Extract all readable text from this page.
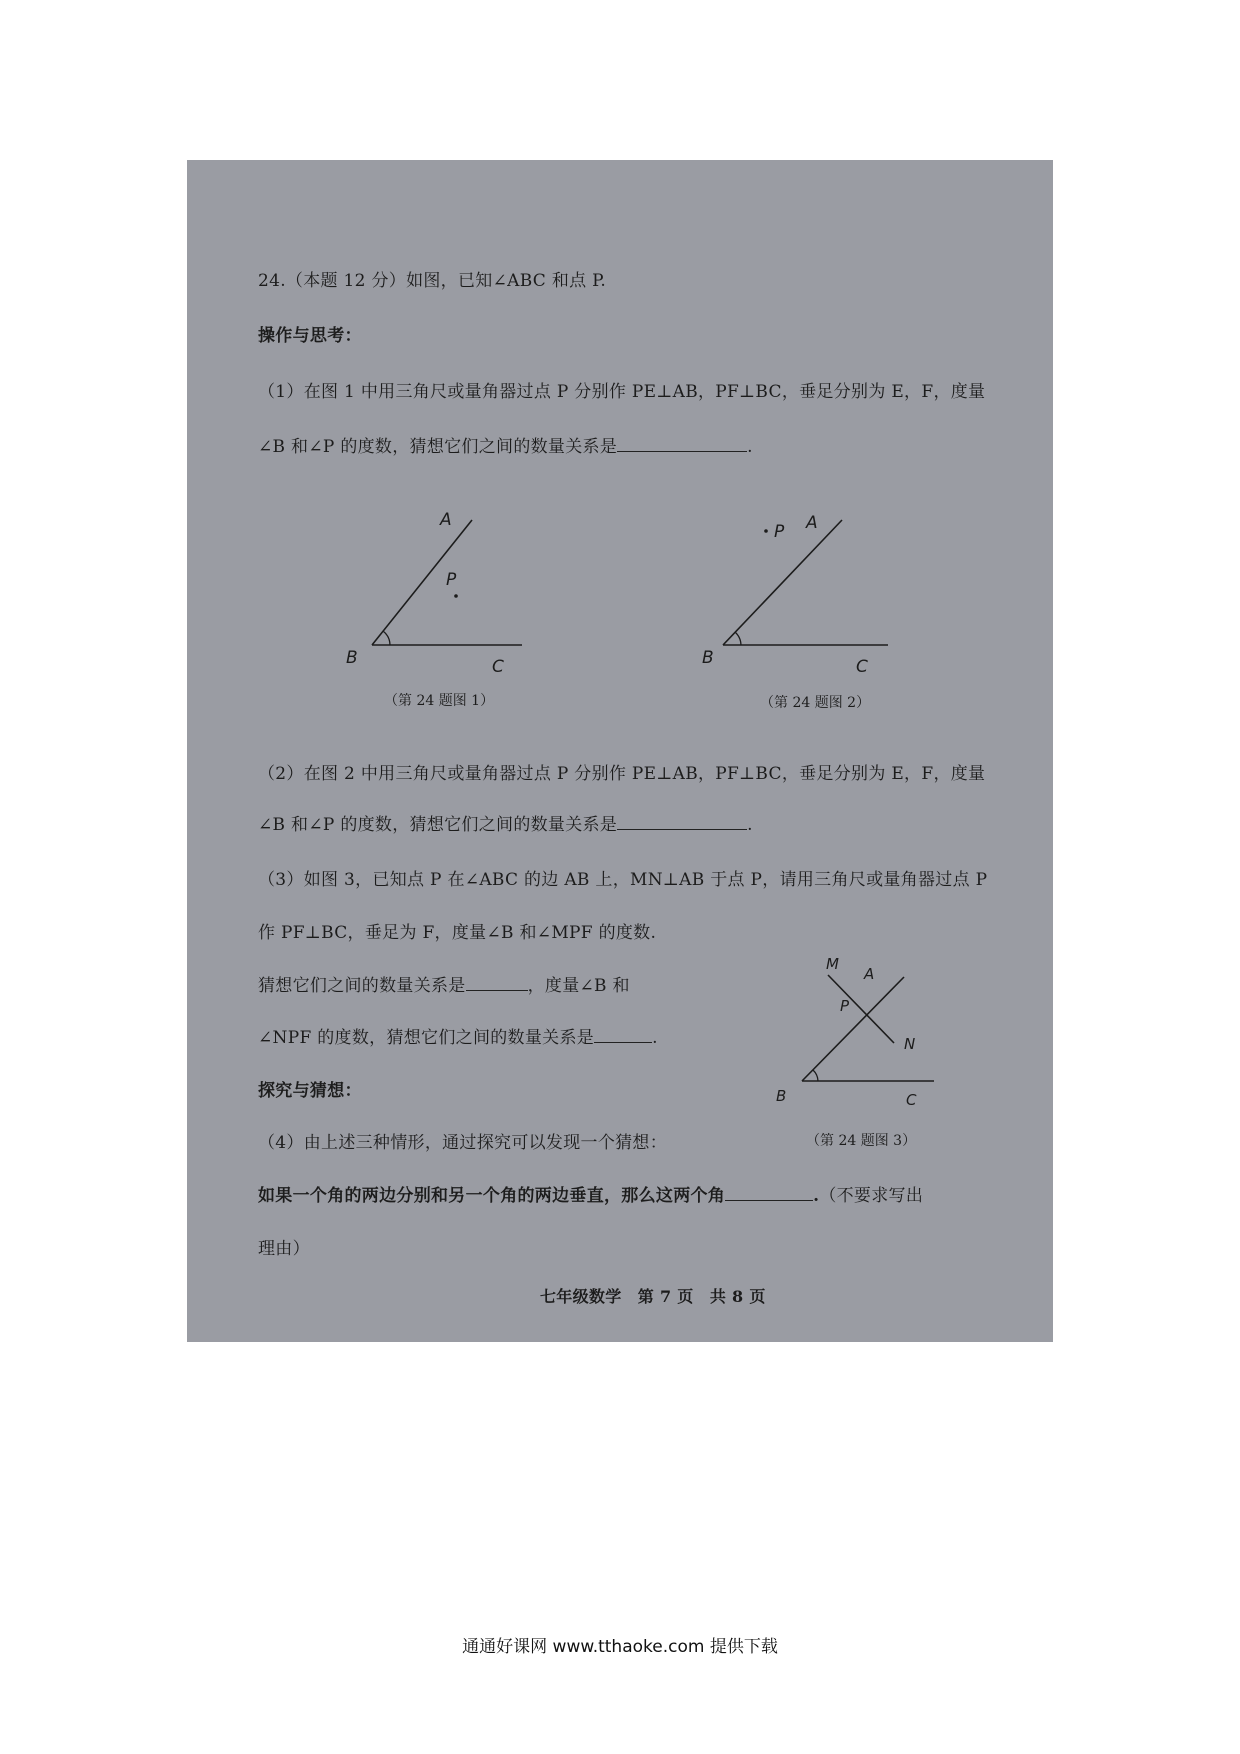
24.（本题 12 分）如图，已知∠ABC 和点 P.
操作与思考：
（1）在图 1 中用三角尺或量角器过点 P 分别作 PE⊥AB，PF⊥BC，垂足分别为 E，F，度量
∠B 和∠P 的度数，猜想它们之间的数量关系是	.
（2）在图 2 中用三角尺或量角器过点 P 分别作 PE⊥AB，PF⊥BC，垂足分别为 E，F，度量
∠B 和∠P 的度数，猜想它们之间的数量关系是	.
（3）如图 3，已知点 P 在∠ABC 的边 AB 上，MN⊥AB 于点 P，请用三角尺或量角器过点 P
作 PF⊥BC，垂足为 F，度量∠B 和∠MPF 的度数.
猜想它们之间的数量关系是	，度量∠B 和
∠NPF 的度数，猜想它们之间的数量关系是	.
探究与猜想：
（4）由上述三种情形，通过探究可以发现一个猜想：
如果一个角的两边分别和另一个角的两边垂直，那么这两个角	.（不要求写出
理由）
A
P
B	C
（第 24 题图 1）
P A
B	C
（第 24 题图 2）
M
A
P
N
B	C
（第 24 题图 3）
七年级数学　第 7 页　共 8 页
通通好课网 www.tthaoke.com 提供下载
